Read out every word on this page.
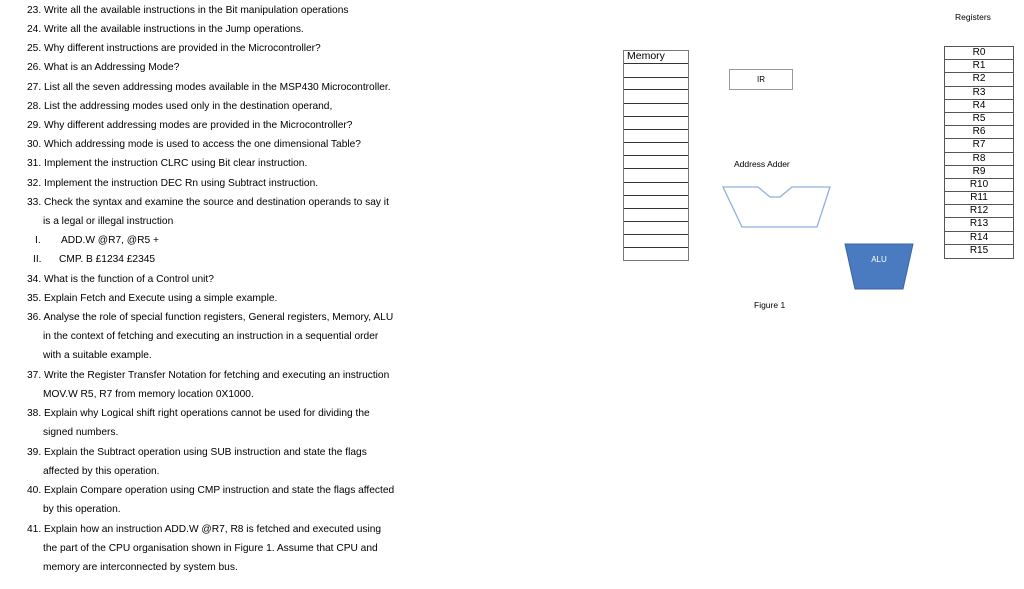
23. Write all the available instructions in the Bit manipulation operations
24. Write all the available instructions in the Jump operations.
25. Why different instructions are provided in the Microcontroller?
26. What is an Addressing Mode?
27. List all the seven addressing modes available in the MSP430 Microcontroller.
28. List the addressing modes used only in the destination operand,
29. Why different addressing modes are provided in the Microcontroller?
30. Which addressing mode is used to access the one dimensional Table?
31. Implement the instruction CLRC using Bit clear instruction.
32. Implement the instruction DEC Rn using Subtract instruction.
33. Check the syntax and examine the source and destination operands to say it
is a legal or illegal instruction
I. ADD.W @R7, @R5 +
II. CMP. B £1234 £2345
34. What is the function of a Control unit?
35. Explain Fetch and Execute using a simple example.
36. Analyse the role of special function registers, General registers, Memory, ALU
in the context of fetching and executing an instruction in a sequential order
with a suitable example.
37. Write the Register Transfer Notation for fetching and executing an instruction
MOV.W R5, R7 from memory location 0X1000.
38. Explain why Logical shift right operations cannot be used for dividing the
signed numbers.
39. Explain the Subtract operation using SUB instruction and state the flags
affected by this operation.
40. Explain Compare operation using CMP instruction and state the flags affected
by this operation.
41. Explain how an instruction ADD.W @R7, R8 is fetched and executed using
the part of the CPU organisation shown in Figure 1. Assume that CPU and
memory are interconnected by system bus.
Memory
IR
Address Adder
ALU
Figure 1
Registers
R0
R1
R2
R3
R4
R5
R6
R7
R8
R9
R10
R11
R12
R13
R14
R15
